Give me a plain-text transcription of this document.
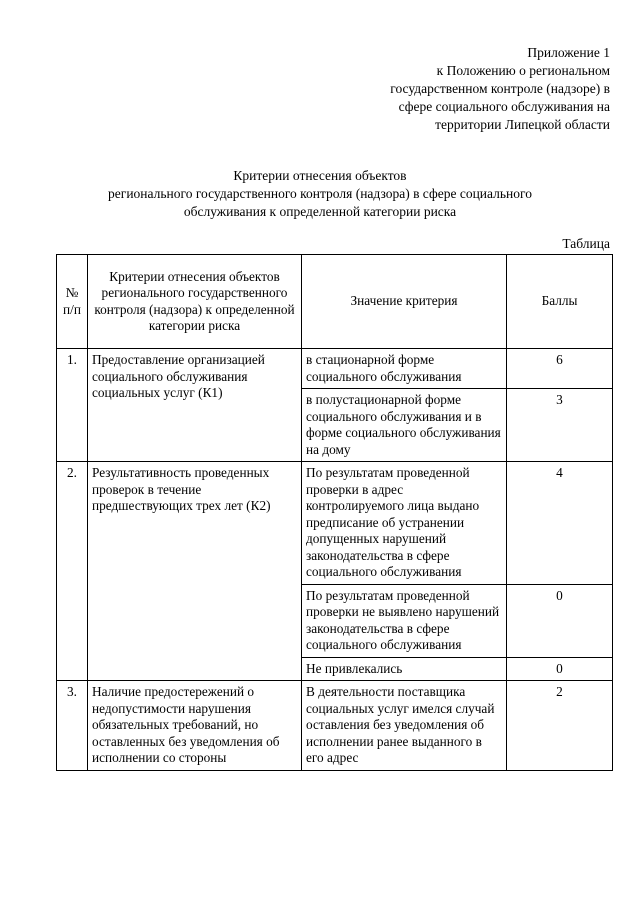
Приложение 1
к Положению о региональном
государственном контроле (надзоре) в
сфере социального обслуживания на
территории Липецкой области
Критерии отнесения объектов
регионального государственного контроля (надзора) в сфере социального
обслуживания к определенной категории риска
Таблица
№ п/п	Критерии отнесения объектов регионального государственного контроля (надзора) к определенной категории риска	Значение критерия	Баллы
1.	Предоставление организацией социального обслуживания социальных услуг (К1)	в стационарной форме социального обслуживания	6
		в полустационарной форме социального обслуживания и в форме социального обслуживания на дому	3
2.	Результативность проведенных проверок в течение предшествующих трех лет (К2)	По результатам проведенной проверки в адрес контролируемого лица выдано предписание об устранении допущенных нарушений законодательства в сфере социального обслуживания	4
		По результатам проведенной проверки не выявлено нарушений законодательства в сфере социального обслуживания	0
		Не привлекались	0
3.	Наличие предостережений о недопустимости нарушения обязательных требований, но оставленных без уведомления об исполнении со стороны	В деятельности поставщика социальных услуг имелся случай оставления без уведомления об исполнении ранее выданного в его адрес	2
